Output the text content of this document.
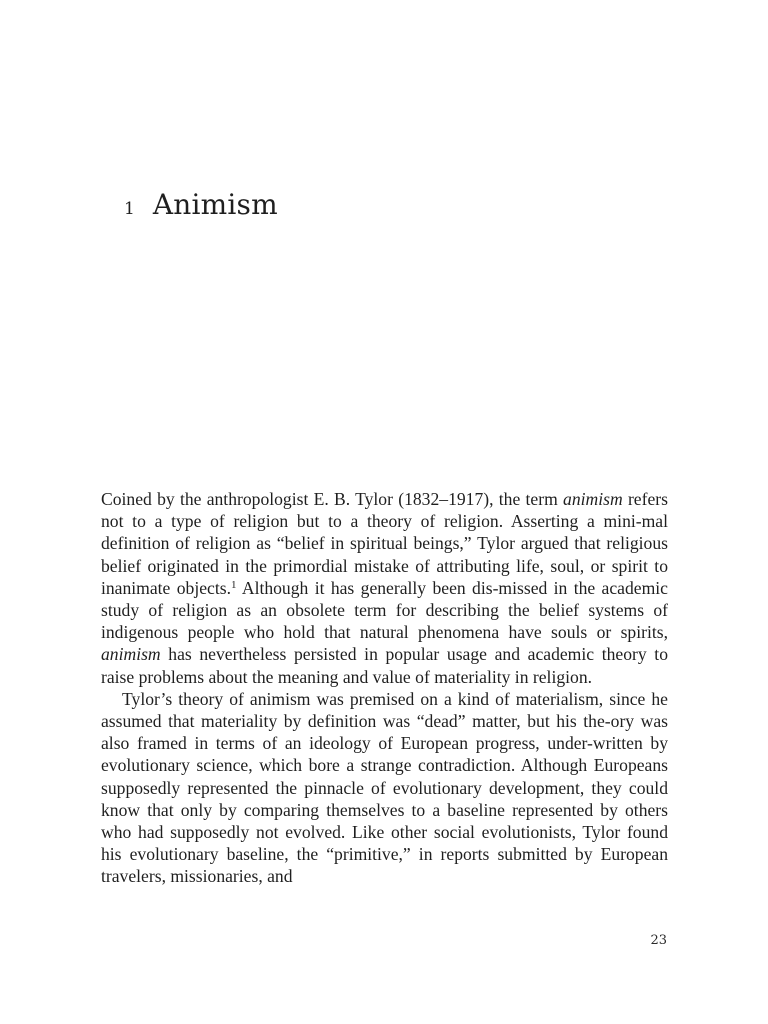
1 Animism

Coined by the anthropologist E. B. Tylor (1832–1917), the term animism refers not to a type of religion but to a theory of religion. Asserting a mini-mal definition of religion as “belief in spiritual beings,” Tylor argued that religious belief originated in the primordial mistake of attributing life, soul, or spirit to inanimate objects.$^1$ Although it has generally been dis-missed in the academic study of religion as an obsolete term for describing the belief systems of indigenous people who hold that natural phenomena have souls or spirits, animism has nevertheless persisted in popular usage and academic theory to raise problems about the meaning and value of materiality in religion.

Tylor’s theory of animism was premised on a kind of materialism, since he assumed that materiality by definition was “dead” matter, but his the-ory was also framed in terms of an ideology of European progress, under-written by evolutionary science, which bore a strange contradiction. Although Europeans supposedly represented the pinnacle of evolutionary development, they could know that only by comparing themselves to a baseline represented by others who had supposedly not evolved. Like other social evolutionists, Tylor found his evolutionary baseline, the “primitive,” in reports submitted by European travelers, missionaries, and

23
